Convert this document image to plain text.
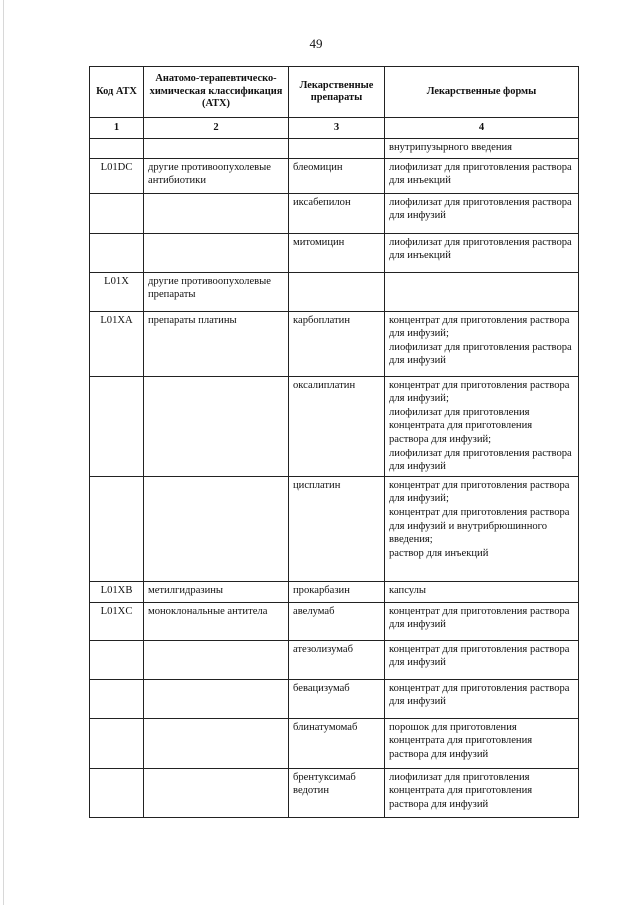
49
Код АТХ	Анатомо-терапевтическо-химическая классификация (АТХ)	Лекарственные препараты	Лекарственные формы
1	2	3	4

			внутрипузырного введения

L01DC	другие противоопухолевые антибиотики	блеомицин	лиофилизат для приготовления раствора для инъекций

		иксабепилон	лиофилизат для приготовления раствора для инфузий

		митомицин	лиофилизат для приготовления раствора для инъекций

L01X	другие противоопухолевые препараты		

L01XA	препараты платины	карбоплатин	концентрат для приготовления раствора для инфузий;
лиофилизат для приготовления раствора для инфузий

		оксалиплатин	концентрат для приготовления раствора для инфузий;
лиофилизат для приготовления концентрата для приготовления раствора для инфузий;
лиофилизат для приготовления раствора для инфузий

		цисплатин	концентрат для приготовления раствора для инфузий;
концентрат для приготовления раствора для инфузий и внутрибрюшинного введения;
раствор для инъекций

L01XB	метилгидразины	прокарбазин	капсулы

L01XC	моноклональные антитела	авелумаб	концентрат для приготовления раствора для инфузий

		атезолизумаб	концентрат для приготовления раствора для инфузий

		бевацизумаб	концентрат для приготовления раствора для инфузий

		блинатумомаб	порошок для приготовления концентрата для приготовления раствора для инфузий

		брентуксимаб ведотин	лиофилизат для приготовления концентрата для приготовления раствора для инфузий
